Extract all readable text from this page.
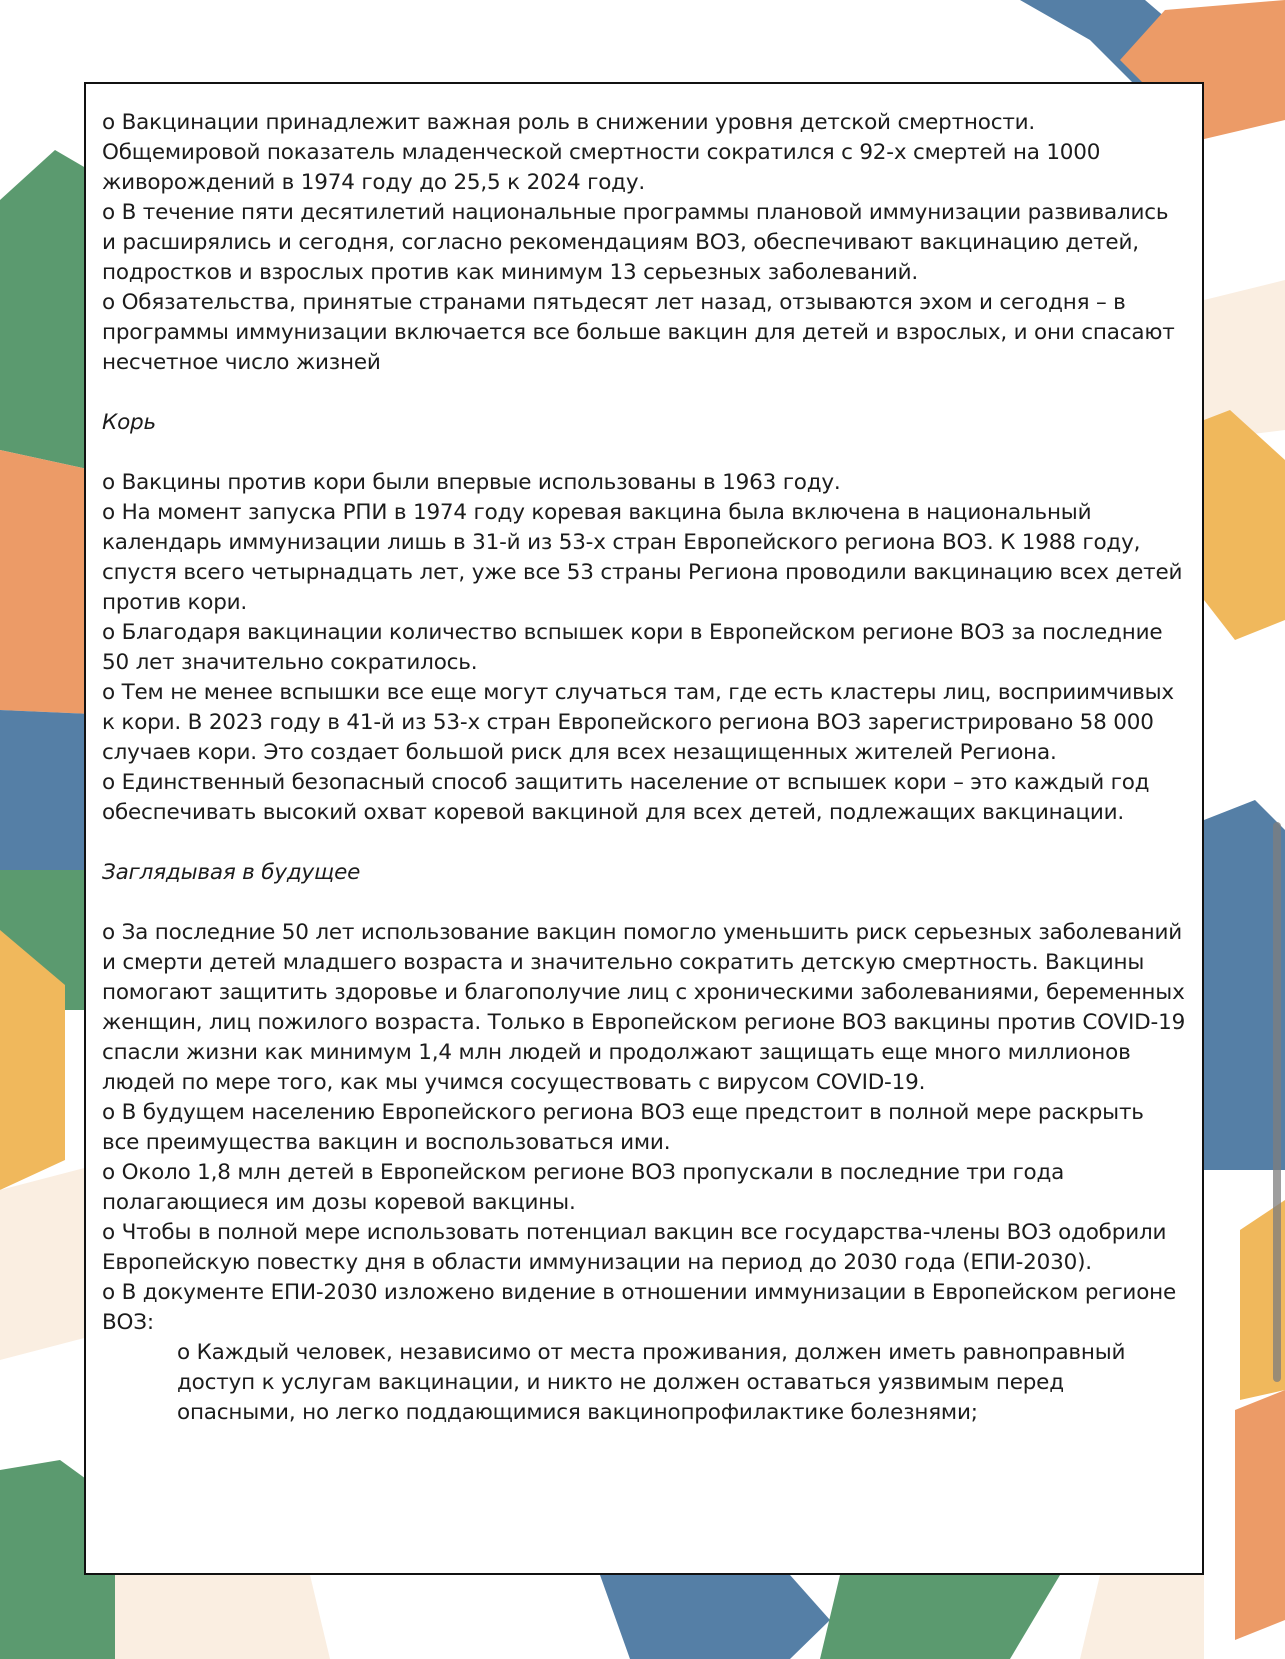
o Вакцинации принадлежит важная роль в снижении уровня детской смертности. Общемировой показатель младенческой смертности сократился с 92-х смертей на 1000 живорождений в 1974 году до 25,5 к 2024 году.

o В течение пяти десятилетий национальные программы плановой иммунизации развивались и расширялись и сегодня, согласно рекомендациям ВОЗ, обеспечивают вакцинацию детей, подростков и взрослых против как минимум 13 серьезных заболеваний.

o Обязательства, принятые странами пятьдесят лет назад, отзываются эхом и сегодня – в программы иммунизации включается все больше вакцин для детей и взрослых, и они спасают несчетное число жизней

Корь

o Вакцины против кори были впервые использованы в 1963 году.

o На момент запуска РПИ в 1974 году коревая вакцина была включена в национальный календарь иммунизации лишь в 31-й из 53-х стран Европейского региона ВОЗ. К 1988 году, спустя всего четырнадцать лет, уже все 53 страны Региона проводили вакцинацию всех детей против кори.

o Благодаря вакцинации количество вспышек кори в Европейском регионе ВОЗ за последние 50 лет значительно сократилось.

o Тем не менее вспышки все еще могут случаться там, где есть кластеры лиц, восприимчивых к кори. В 2023 году в 41-й из 53-х стран Европейского региона ВОЗ зарегистрировано 58 000 случаев кори. Это создает большой риск для всех незащищенных жителей Региона.

o Единственный безопасный способ защитить население от вспышек кори – это каждый год обеспечивать высокий охват коревой вакциной для всех детей, подлежащих вакцинации.

Заглядывая в будущее

o За последние 50 лет использование вакцин помогло уменьшить риск серьезных заболеваний и смерти детей младшего возраста и значительно сократить детскую смертность. Вакцины помогают защитить здоровье и благополучие лиц с хроническими заболеваниями, беременных женщин, лиц пожилого возраста. Только в Европейском регионе ВОЗ вакцины против COVID-19 спасли жизни как минимум 1,4 млн людей и продолжают защищать еще много миллионов людей по мере того, как мы учимся сосуществовать с вирусом COVID-19.

o В будущем населению Европейского региона ВОЗ еще предстоит в полной мере раскрыть все преимущества вакцин и воспользоваться ими.

o Около 1,8 млн детей в Европейском регионе ВОЗ пропускали в последние три года полагающиеся им дозы коревой вакцины.

o Чтобы в полной мере использовать потенциал вакцин все государства-члены ВОЗ одобрили Европейскую повестку дня в области иммунизации на период до 2030 года (ЕПИ-2030).

o В документе ЕПИ-2030 изложено видение в отношении иммунизации в Европейском регионе ВОЗ:

o Каждый человек, независимо от места проживания, должен иметь равноправный доступ к услугам вакцинации, и никто не должен оставаться уязвимым перед опасными, но легко поддающимися вакцинопрофилактике болезнями;
